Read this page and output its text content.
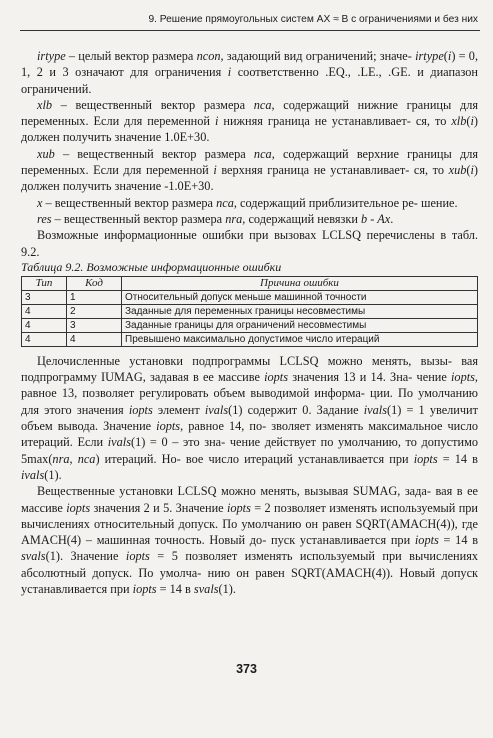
9. Решение прямоугольных систем AX ≈ B с ограничениями и без них

irtype – целый вектор размера ncon, задающий вид ограничений; значе- irtype(i) = 0, 1, 2 и 3 означают для ограничения i соответственно .EQ., .LE., .GE. и диапазон ограничений.

xlb – вещественный вектор размера nca, содержащий нижние границы для переменных. Если для переменной i нижняя граница не устанавливает- ся, то xlb(i) должен получить значение 1.0E+30.

xub – вещественный вектор размера nca, содержащий верхние границы для переменных. Если для переменной i верхняя граница не устанавливает- ся, то xub(i) должен получить значение -1.0E+30.

x – вещественный вектор размера nca, содержащий приблизительное ре- шение.

res – вещественный вектор размера nra, содержащий невязки b - Ax.

Возможные информационные ошибки при вызовах LCLSQ перечислены в табл. 9.2.

Таблица 9.2. Возможные информационные ошибки

Тип	Код	Причина ошибки
3	1	Относительный допуск меньше машинной точности
4	2	Заданные для переменных границы несовместимы
4	3	Заданные границы для ограничений несовместимы
4	4	Превышено максимально допустимое число итераций

Целочисленные установки подпрограммы LCLSQ можно менять, вызы- вая подпрограмму IUMAG, задавая в ее массиве iopts значения 13 и 14. Зна- чение iopts, равное 13, позволяет регулировать объем выводимой информа- ции. По умолчанию для этого значения iopts элемент ivals(1) содержит 0. Задание ivals(1) = 1 увеличит объем вывода. Значение iopts, равное 14, по- зволяет изменять максимальное число итераций. Если ivals(1) = 0 – это зна- чение действует по умолчанию, то допустимо 5max(nra, nca) итераций. Но- вое число итераций устанавливается при iopts = 14 в ivals(1).

Вещественные установки LCLSQ можно менять, вызывая SUMAG, зада- вая в ее массиве iopts значения 2 и 5. Значение iopts = 2 позволяет изменять используемый при вычислениях относительный допуск. По умолчанию он равен SQRT(AMACH(4)), где AMACH(4) – машинная точность. Новый до- пуск устанавливается при iopts = 14 в svals(1). Значение iopts = 5 позволяет изменять используемый при вычислениях абсолютный допуск. По умолча- нию он равен SQRT(AMACH(4)). Новый допуск устанавливается при iopts = 14 в svals(1).

373
